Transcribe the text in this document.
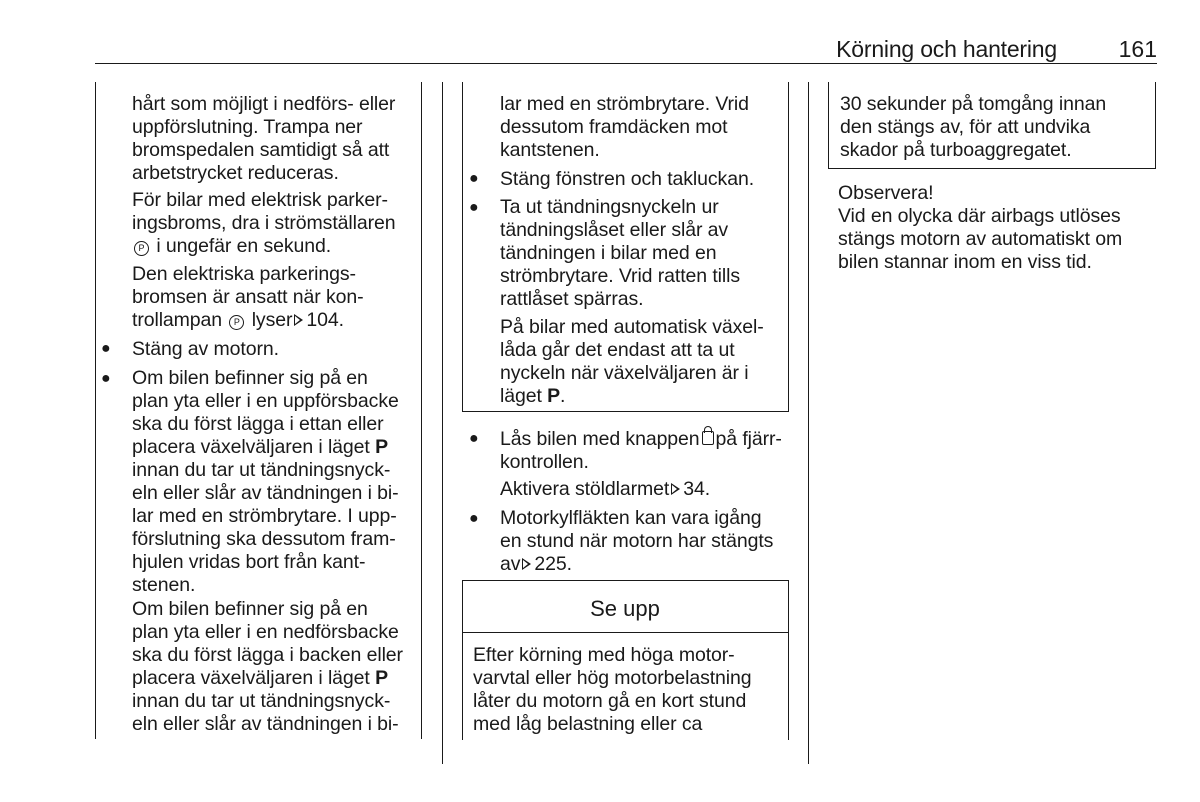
Körning och hantering	161
Se upp
hårt som möjligt i nedförs- eller
uppförslutning. Trampa ner
bromspedalen samtidigt så att
arbetstrycket reduceras.
För bilar med elektrisk parker-
ingsbroms, dra i strömställaren
P i ungefär en sekund.
Den elektriska parkerings-
bromsen är ansatt när kon-
trollampan P lyser 104.
● Stäng av motorn.
● Om bilen befinner sig på en
plan yta eller i en uppförsbacke
ska du först lägga i ettan eller
placera växelväljaren i läget P
innan du tar ut tändningsnyck-
eln eller slår av tändningen i bi-
lar med en strömbrytare. I upp-
förslutning ska dessutom fram-
hjulen vridas bort från kant-
stenen.
Om bilen befinner sig på en
plan yta eller i en nedförsbacke
ska du först lägga i backen eller
placera växelväljaren i läget P
innan du tar ut tändningsnyck-
eln eller slår av tändningen i bi-
lar med en strömbrytare. Vrid
dessutom framdäcken mot
kantstenen.
● Stäng fönstren och takluckan.
● Ta ut tändningsnyckeln ur
tändningslåset eller slår av
tändningen i bilar med en
strömbrytare. Vrid ratten tills
rattlåset spärras.
På bilar med automatisk växel-
låda går det endast att ta ut
nyckeln när växelväljaren är i
läget P.
● Lås bilen med knappen på fjärr-
kontrollen.
Aktivera stöldlarmet 34.
● Motorkylfläkten kan vara igång
en stund när motorn har stängts
av 225.
Efter körning med höga motor-
varvtal eller hög motorbelastning
låter du motorn gå en kort stund
med låg belastning eller ca
30 sekunder på tomgång innan
den stängs av, för att undvika
skador på turboaggregatet.
Observera!
Vid en olycka där airbags utlöses
stängs motorn av automatiskt om
bilen stannar inom en viss tid.
